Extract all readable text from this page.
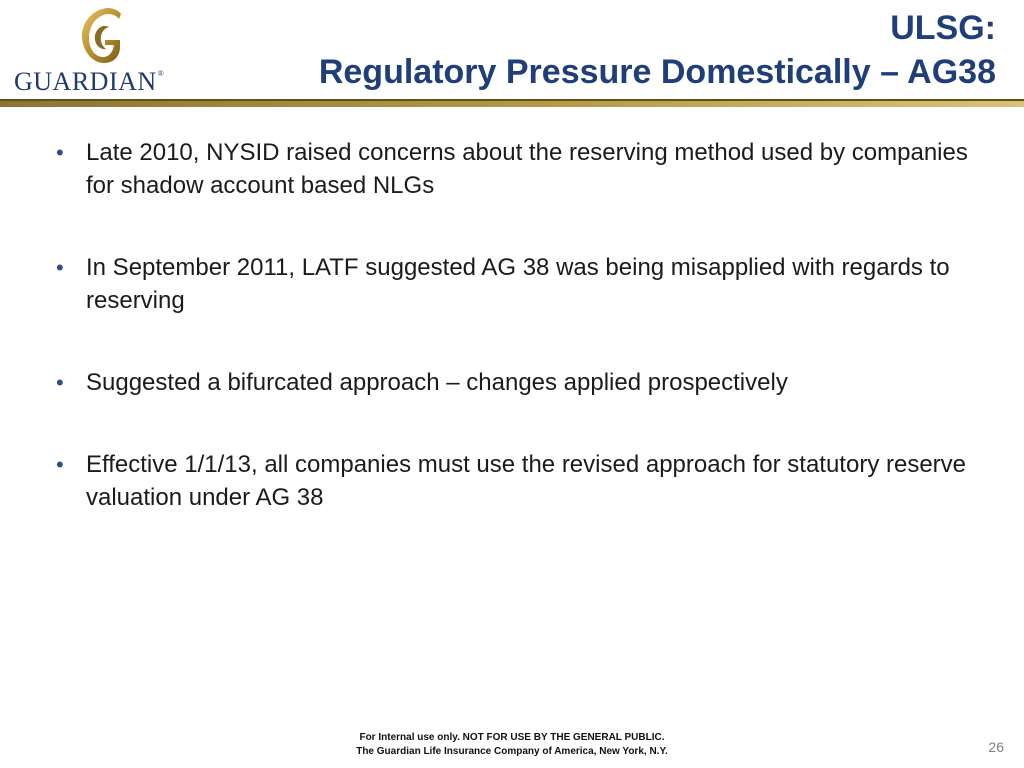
GUARDIAN®
ULSG:
Regulatory Pressure Domestically – AG38
• Late 2010, NYSID raised concerns about the reserving method used by companies for shadow account based NLGs
• In September 2011, LATF suggested AG 38 was being misapplied with regards to reserving
• Suggested a bifurcated approach – changes applied prospectively
• Effective 1/1/13, all companies must use the revised approach for statutory reserve valuation under AG 38
For Internal use only. NOT FOR USE BY THE GENERAL PUBLIC.
The Guardian Life Insurance Company of America, New York, N.Y.	26
